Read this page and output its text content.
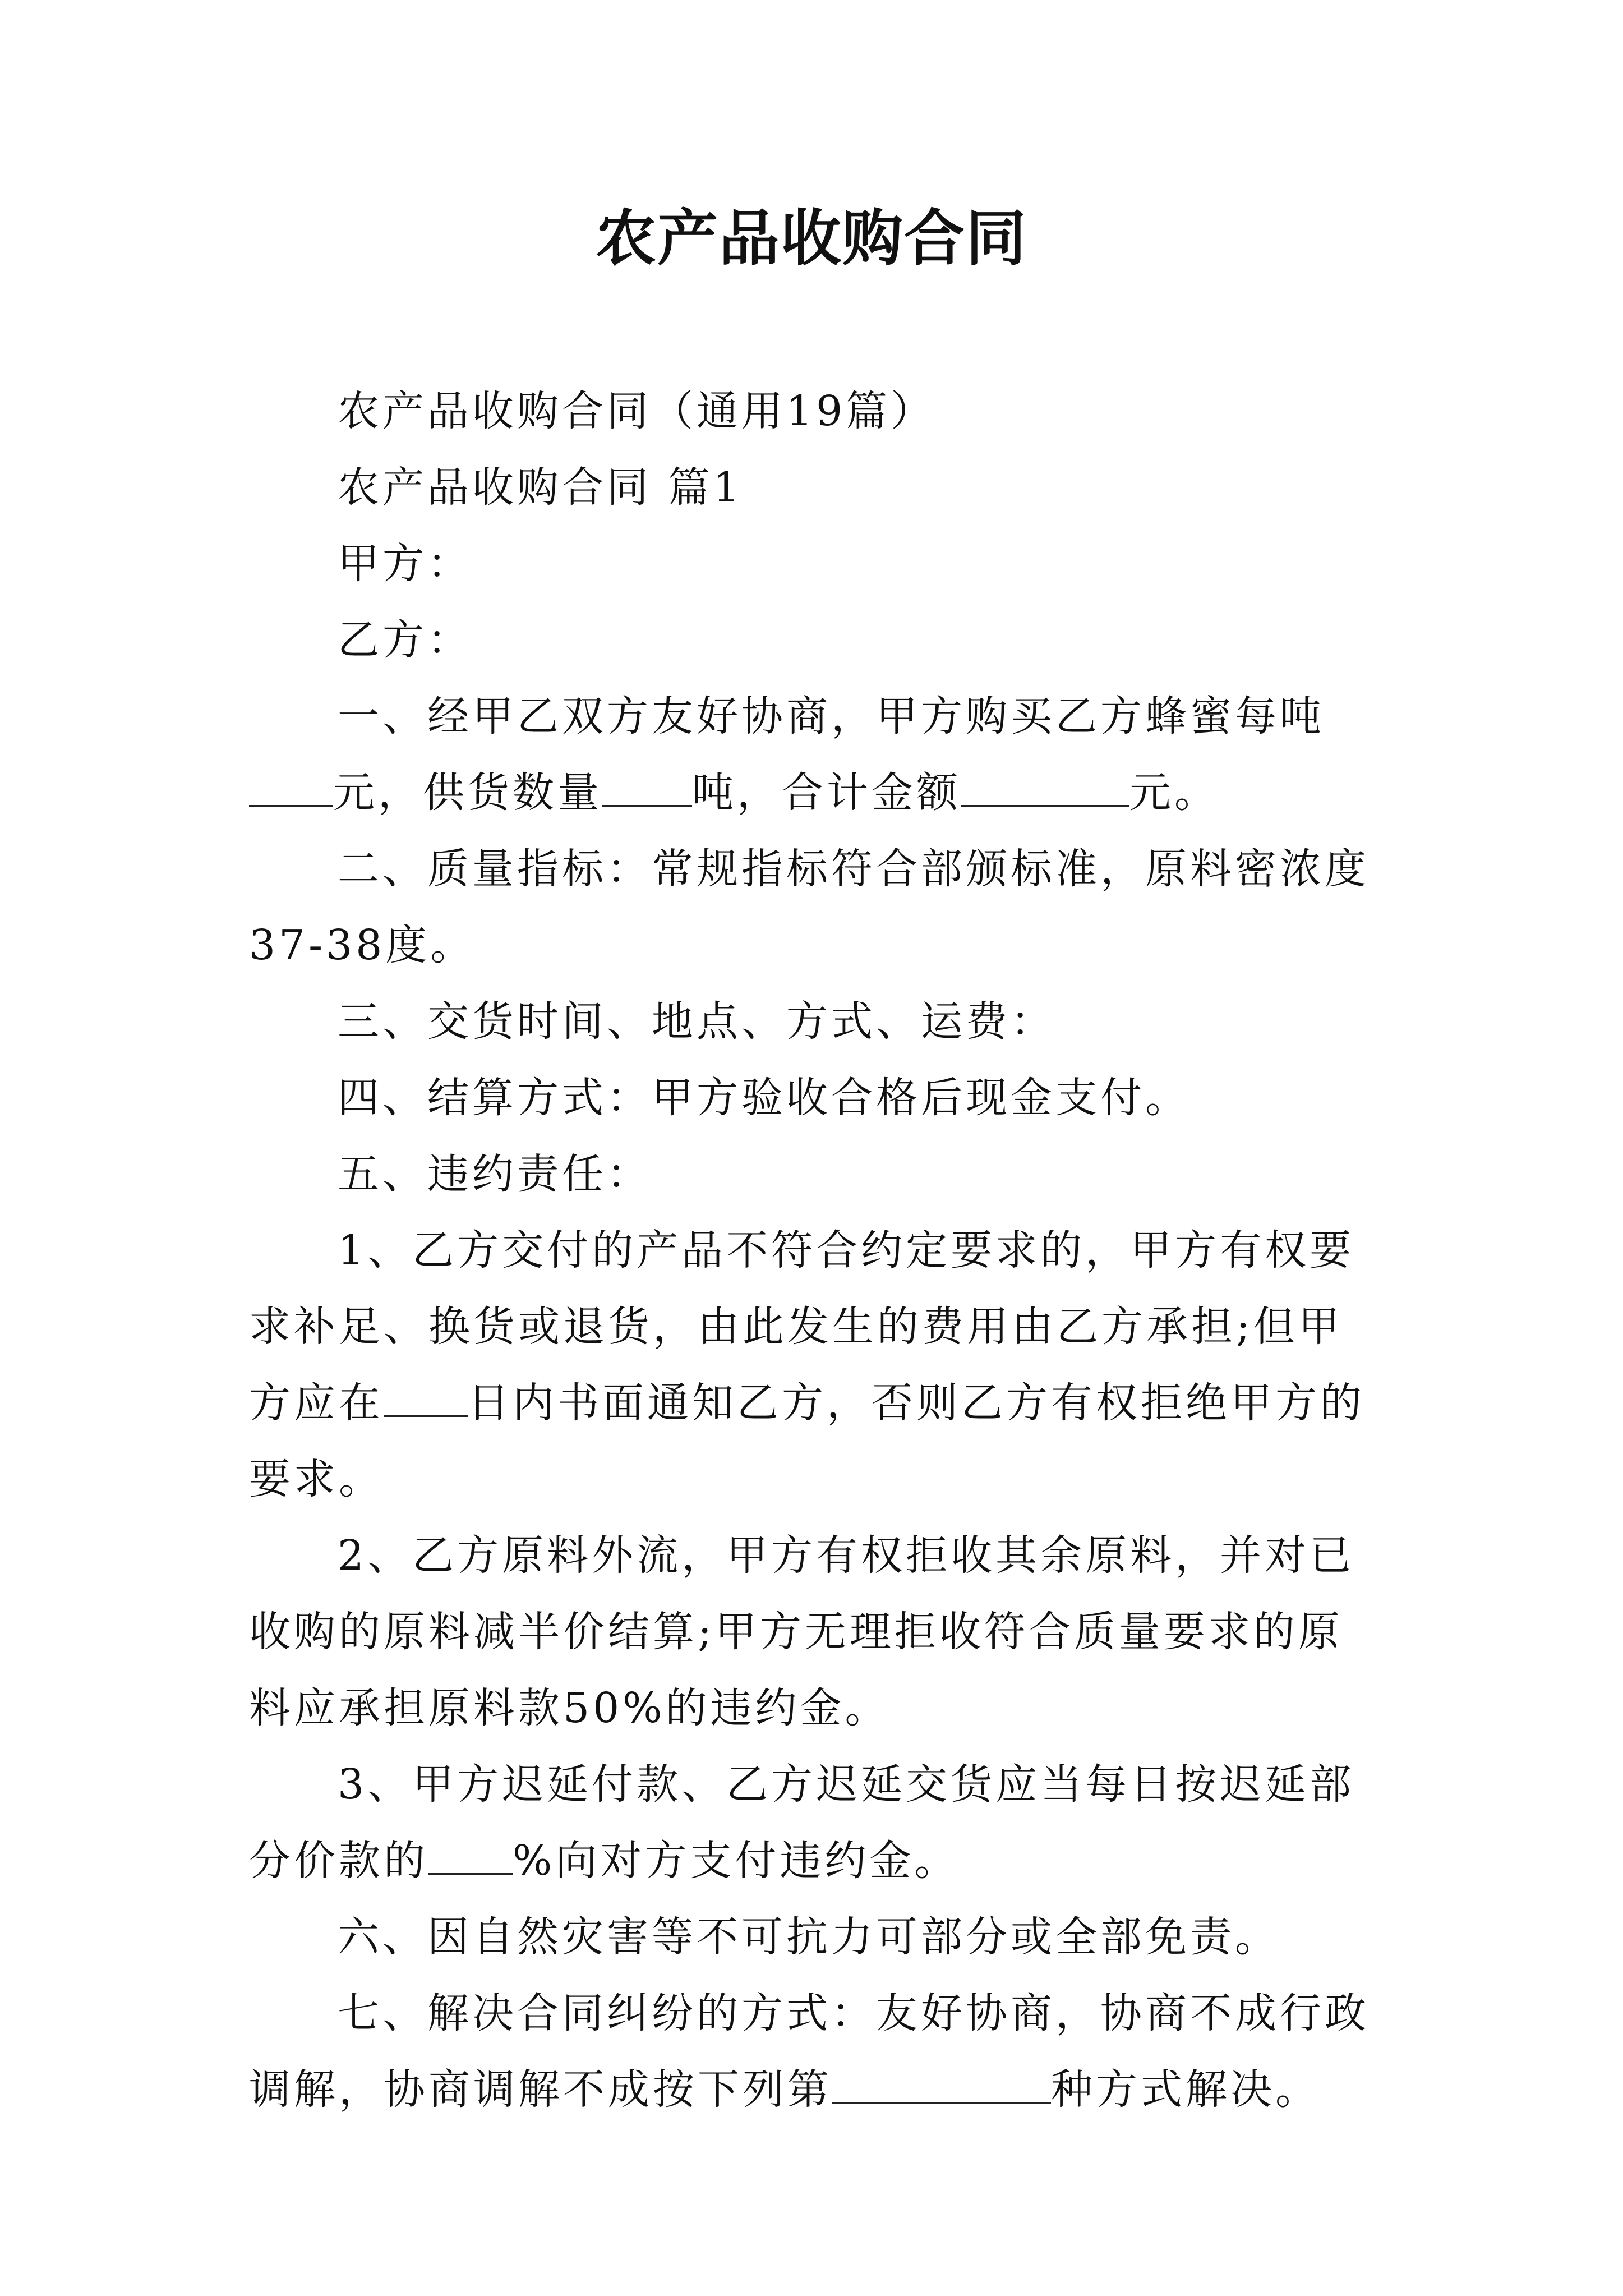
农产品收购合同

农产品收购合同（通用19篇）

农产品收购合同 篇1

甲方：

乙方：

一、经甲乙双方友好协商，甲方购买乙方蜂蜜每吨元，供货数量 吨，合计金额	元。

二、质量指标：常规指标符合部颁标准，原料密浓度37-38度。

三、交货时间、地点、方式、运费：

四、结算方式：甲方验收合格后现金支付。

五、违约责任：

1、乙方交付的产品不符合约定要求的，甲方有权要求补足、换货或退货，由此发生的费用由乙方承担;但甲方应在 日内书面通知乙方，否则乙方有权拒绝甲方的要求。

2、乙方原料外流，甲方有权拒收其余原料，并对已收购的原料减半价结算;甲方无理拒收符合质量要求的原料应承担原料款50%的违约金。

3、甲方迟延付款、乙方迟延交货应当每日按迟延部分价款的 %向对方支付违约金。

六、因自然灾害等不可抗力可部分或全部免责。

七、解决合同纠纷的方式：友好协商，协商不成行政调解，协商调解不成按下列第	种方式解决。
